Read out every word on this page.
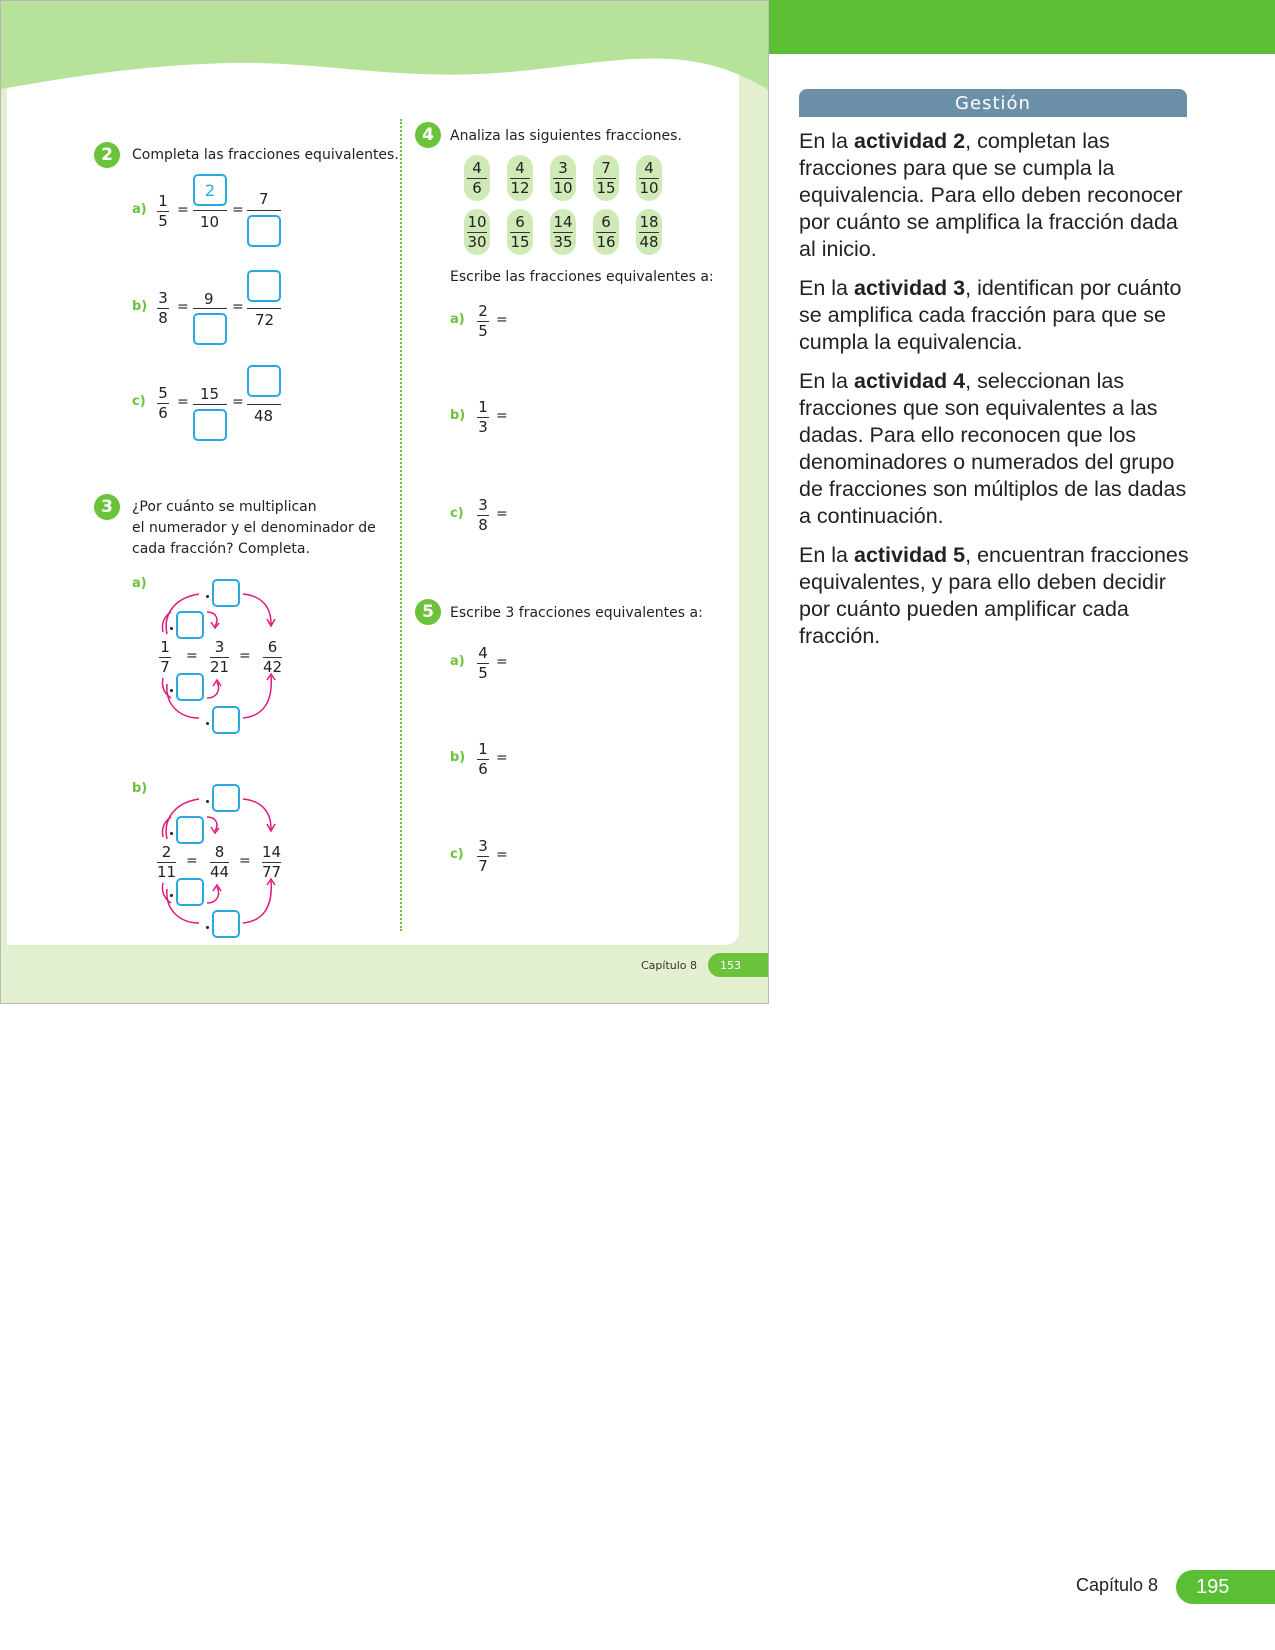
2	Completa las fracciones equivalentes.
a) 1
5
=
2
10
=
7
b) 3
8
= 9 =
72
c) 5
6
= 15 =
48
3	¿Por cuánto se multiplican
el numerador y el denominador de
cada fracción? Completa.
a)
1
7
= 3
21
= 6
42
b)
2
11
= 8
44
= 14
77
4	Analiza las siguientes fracciones.
4
6
4
12
3
10
7
15
4
10
10
30
6
15
14
35
6
16
18
48
Escribe las fracciones equivalentes a:
a) 2
5
=
b) 1
3
=
c) 3
8
=
5	Escribe 3 fracciones equivalentes a:
a) 4
5
=
b) 1
6
=
c) 3
7
=
Capítulo 8	153
Gestión

En la actividad 2, completan las fracciones para que se cumpla la equivalencia. Para ello deben reconocer por cuánto se amplifica la fracción dada al inicio.

En la actividad 3, identifican por cuánto se amplifica cada fracción para que se cumpla la equivalencia.

En la actividad 4, seleccionan las fracciones que son equivalentes a las dadas. Para ello reconocen que los denominadores o numerados del grupo de fracciones son múltiplos de las dadas a continuación.

En la actividad 5, encuentran fracciones equivalentes, y para ello deben decidir por cuánto pueden amplificar cada fracción.

Capítulo 8	195
